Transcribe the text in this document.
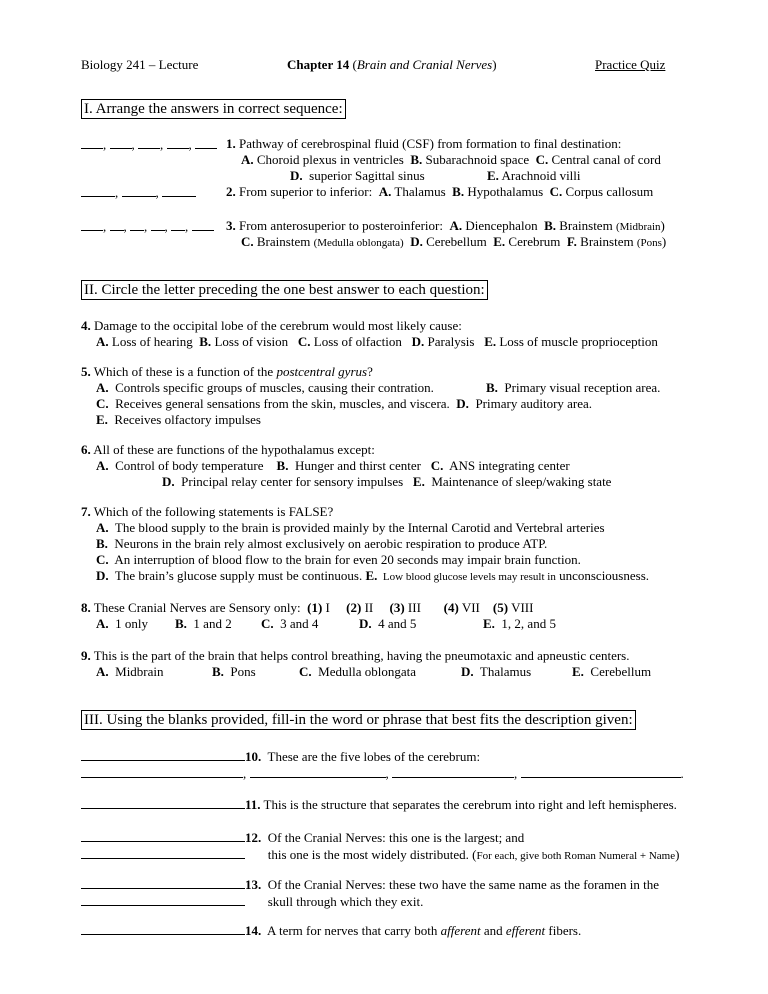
Biology 241 – Lecture	Chapter 14 (Brain and Cranial Nerves)	Practice Quiz
I. Arrange the answers in correct sequence:
, , , ,	1. Pathway of cerebrospinal fluid (CSF) from formation to final destination:
A. Choroid plexus in ventricles  B. Subarachnoid space  C. Central canal of cord
D.  superior Sagittal sinus	E. Arachnoid villi
,	,	2. From superior to inferior:  A. Thalamus  B. Hypothalamus  C. Corpus callosum
, , , , ,	3. From anterosuperior to posteroinferior:  A. Diencephalon  B. Brainstem (Midbrain)
C. Brainstem (Medulla oblongata) D. Cerebellum  E. Cerebrum  F. Brainstem (Pons)
II. Circle the letter preceding the one best answer to each question:
4. Damage to the occipital lobe of the cerebrum would most likely cause:
A. Loss of hearing  B. Loss of vision   C. Loss of olfaction   D. Paralysis   E. Loss of muscle proprioception
5. Which of these is a function of the postcentral gyrus?
A.  Controls specific groups of muscles, causing their contration.	B.  Primary visual reception area.
C.  Receives general sensations from the skin, muscles, and viscera. D.  Primary auditory area.
E.  Receives olfactory impulses
6. All of these are functions of the hypothalamus except:
A.  Control of body temperature    B.  Hunger and thirst center   C.  ANS integrating center
D.  Principal relay center for sensory impulses   E.  Maintenance of sleep/waking state
7. Which of the following statements is FALSE?
A.  The blood supply to the brain is provided mainly by the Internal Carotid and Vertebral arteries
B.  Neurons in the brain rely almost exclusively on aerobic respiration to produce ATP.
C.  An interruption of blood flow to the brain for even 20 seconds may impair brain function.
D.  The brain’s glucose supply must be continuous. E.  Low blood glucose levels may result in unconsciousness.
8. These Cranial Nerves are Sensory only:  (1) I (2) II (3) III (4) VII (5) VIII
A.  1 only B.  1 and 2 C.  3 and 4	D.  4 and 5	E.  1, 2, and 5
9. This is the part of the brain that helps control breathing, having the pneumotaxic and apneustic centers.
A.  Midbrain	B.  Pons	C.  Medulla oblongata	D.  Thalamus	E.  Cerebellum
III. Using the blanks provided, fill-in the word or phrase that best fits the description given:
10.  These are the five lobes of the cerebrum:
,	,	,	.
11. This is the structure that separates the cerebrum into right and left hemispheres.
12.  Of the Cranial Nerves: this one is the largest; and
this one is the most widely distributed. (For each, give both Roman Numeral + Name)
13.  Of the Cranial Nerves: these two have the same name as the foramen in the
skull through which they exit.
14.  A term for nerves that carry both afferent and efferent fibers.
